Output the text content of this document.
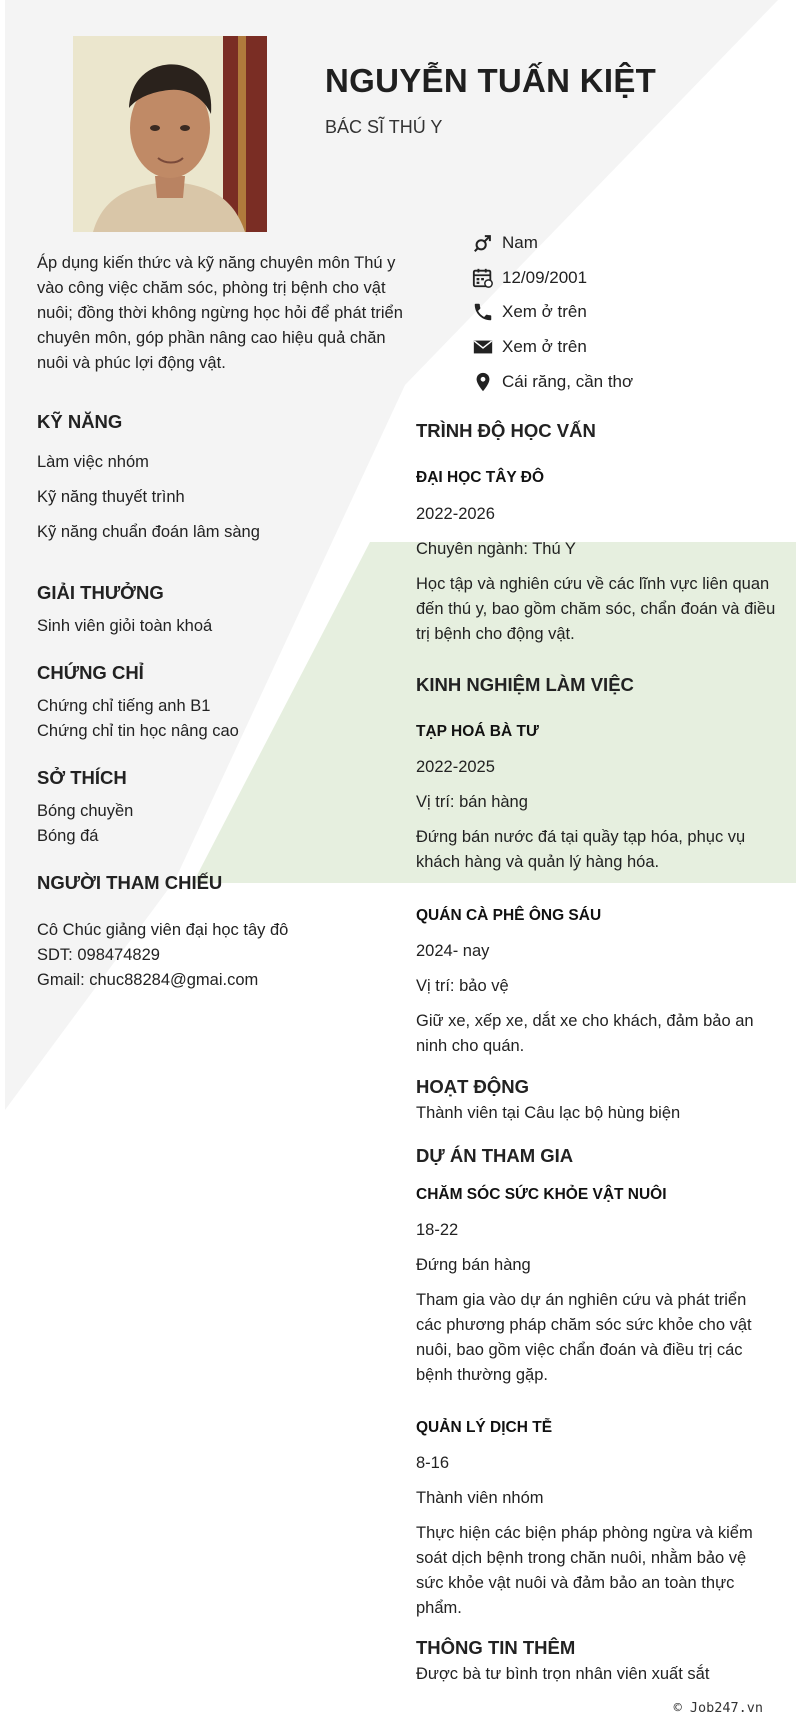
NGUYỄN TUẤN KIỆT
BÁC SĨ THÚ Y
Áp dụng kiến thức và kỹ năng chuyên môn Thú y vào công việc chăm sóc, phòng trị bệnh cho vật nuôi; đồng thời không ngừng học hỏi để phát triển chuyên môn, góp phần nâng cao hiệu quả chăn nuôi và phúc lợi động vật.
Nam
12/09/2001
Xem ở trên
Xem ở trên
Cái răng, cần thơ
KỸ NĂNG
Làm việc nhóm
Kỹ năng thuyết trình
Kỹ năng chuẩn đoán lâm sàng
GIẢI THƯỞNG
Sinh viên giỏi toàn khoá
CHỨNG CHỈ
Chứng chỉ tiếng anh B1
Chứng chỉ tin học nâng cao
SỞ THÍCH
Bóng chuyền
Bóng đá
NGƯỜI THAM CHIẾU
Cô Chúc giảng viên đại học tây đô
SDT: 098474829
Gmail: chuc88284@gmai.com
TRÌNH ĐỘ HỌC VẤN
ĐẠI HỌC TÂY ĐÔ
2022-2026
Chuyên ngành: Thú Y
Học tập và nghiên cứu về các lĩnh vực liên quan đến thú y, bao gồm chăm sóc, chẩn đoán và điều trị bệnh cho động vật.
KINH NGHIỆM LÀM VIỆC
TẠP HOÁ BÀ TƯ
2022-2025
Vị trí: bán hàng
Đứng bán nước đá tại quầy tạp hóa, phục vụ khách hàng và quản lý hàng hóa.
QUÁN CÀ PHÊ ÔNG SÁU
2024- nay
Vị trí: bảo vệ
Giữ xe, xếp xe, dắt xe cho khách, đảm bảo an ninh cho quán.
HOẠT ĐỘNG
Thành viên tại Câu lạc bộ hùng biện
DỰ ÁN THAM GIA
CHĂM SÓC SỨC KHỎE VẬT NUÔI
18-22
Đứng bán hàng
Tham gia vào dự án nghiên cứu và phát triển các phương pháp chăm sóc sức khỏe cho vật nuôi, bao gồm việc chẩn đoán và điều trị các bệnh thường gặp.
QUẢN LÝ DỊCH TỄ
8-16
Thành viên nhóm
Thực hiện các biện pháp phòng ngừa và kiểm soát dịch bệnh trong chăn nuôi, nhằm bảo vệ sức khỏe vật nuôi và đảm bảo an toàn thực phẩm.
THÔNG TIN THÊM
Được bà tư bình trọn nhân viên xuất sắt
© Job247.vn
